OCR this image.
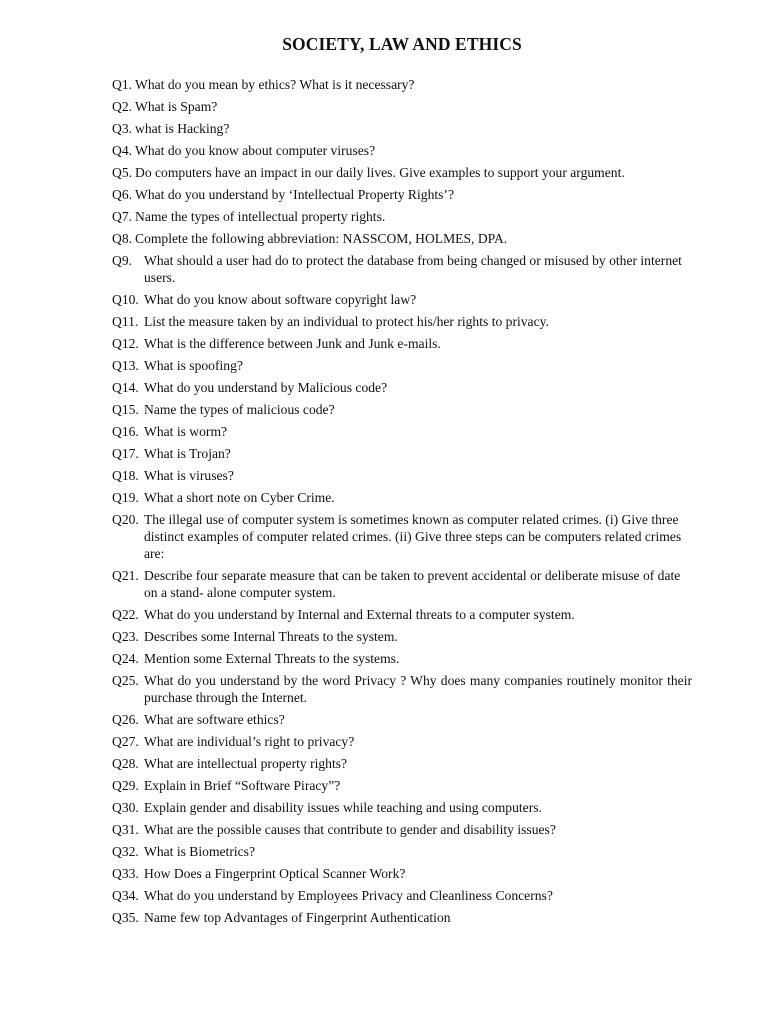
SOCIETY, LAW AND ETHICS
Q1. What do you mean by ethics? What is it necessary?
Q2. What is Spam?
Q3. what is Hacking?
Q4. What do you know about computer viruses?
Q5. Do computers have an impact in our daily lives. Give examples to support your argument.
Q6. What do you understand by ‘Intellectual Property Rights’?
Q7. Name the types of intellectual property rights.
Q8. Complete the following abbreviation: NASSCOM, HOLMES, DPA.
Q9. What should a user had do to protect the database from being changed or misused by other internet users.
Q10. What do you know about software copyright law?
Q11. List the measure taken by an individual to protect his/her rights to privacy.
Q12. What is the difference between Junk and Junk e-mails.
Q13. What is spoofing?
Q14. What do you understand by Malicious code?
Q15. Name the types of malicious code?
Q16. What is worm?
Q17. What is Trojan?
Q18. What is viruses?
Q19. What a short note on Cyber Crime.
Q20. The illegal use of computer system is sometimes known as computer related crimes. (i) Give three distinct examples of computer related crimes. (ii) Give three steps can be computers related crimes are:
Q21. Describe four separate measure that can be taken to prevent accidental or deliberate misuse of date on a stand- alone computer system.
Q22. What do you understand by Internal and External threats to a computer system.
Q23. Describes some Internal Threats to the system.
Q24. Mention some External Threats to the systems.
Q25. What do you understand by the word Privacy ? Why does many companies routinely monitor their purchase through the Internet.
Q26. What are software ethics?
Q27. What are individual’s right to privacy?
Q28. What are intellectual property rights?
Q29. Explain in Brief “Software Piracy”?
Q30. Explain gender and disability issues while teaching and using computers.
Q31. What are the possible causes that contribute to gender and disability issues?
Q32. What is Biometrics?
Q33. How Does a Fingerprint Optical Scanner Work?
Q34. What do you understand by Employees Privacy and Cleanliness Concerns?
Q35. Name few top Advantages of Fingerprint Authentication
